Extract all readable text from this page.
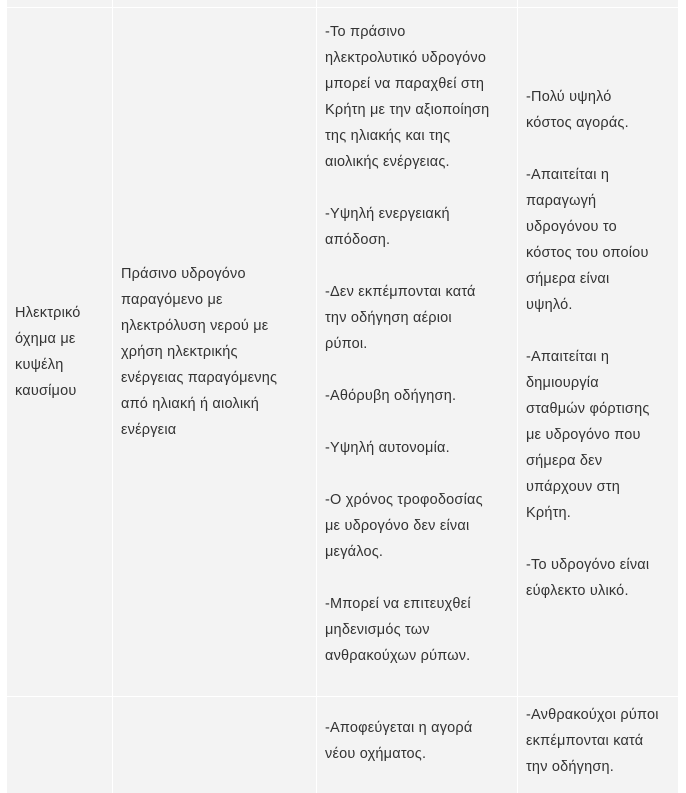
Ηλεκτρικό
όχημα με
κυψέλη
καυσίμου
Πράσινο υδρογόνο
παραγόμενο με
ηλεκτρόλυση νερού με
χρήση ηλεκτρικής
ενέργειας παραγόμενης
από ηλιακή ή αιολική
ενέργεια
-Το πράσινο
ηλεκτρολυτικό υδρογόνο
μπορεί να παραχθεί στη
Κρήτη με την αξιοποίηση
της ηλιακής και της
αιολικής ενέργειας.
-Υψηλή ενεργειακή
απόδοση.
-Δεν εκπέμπονται κατά
την οδήγηση αέριοι
ρύποι.
-Αθόρυβη οδήγηση.
-Υψηλή αυτονομία.
-Ο χρόνος τροφοδοσίας
με υδρογόνο δεν είναι
μεγάλος.
-Μπορεί να επιτευχθεί
μηδενισμός των
ανθρακούχων ρύπων.
-Πολύ υψηλό
κόστος αγοράς.
-Απαιτείται η
παραγωγή
υδρογόνου το
κόστος του οποίου
σήμερα είναι
υψηλό.
-Απαιτείται η
δημιουργία
σταθμών φόρτισης
με υδρογόνο που
σήμερα δεν
υπάρχουν στη
Κρήτη.
-Το υδρογόνο είναι
εύφλεκτο υλικό.
-Αποφεύγεται η αγορά
νέου οχήματος.
-Ανθρακούχοι ρύποι
εκπέμπονται κατά
την οδήγηση.
